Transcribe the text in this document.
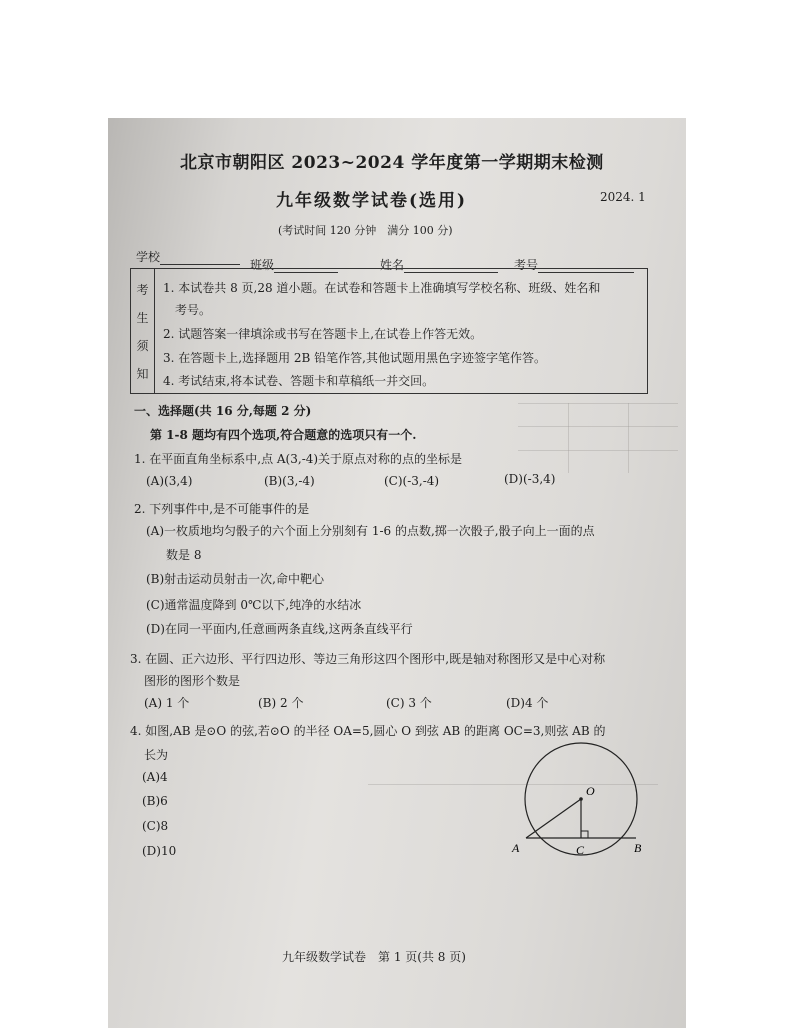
北京市朝阳区 2023~2024 学年度第一学期期末检测
九年级数学试卷(选用)	2024. 1
(考试时间 120 分钟　满分 100 分)
学校
班级	姓名	考号
考
生
须
知
1. 本试卷共 8 页,28 道小题。在试卷和答题卡上准确填写学校名称、班级、姓名和
考号。
2. 试题答案一律填涂或书写在答题卡上,在试卷上作答无效。
3. 在答题卡上,选择题用 2B 铅笔作答,其他试题用黑色字迹签字笔作答。
4. 考试结束,将本试卷、答题卡和草稿纸一并交回。
一、选择题(共 16 分,每题 2 分)
第 1-8 题均有四个选项,符合题意的选项只有一个.
1. 在平面直角坐标系中,点 A(3,-4)关于原点对称的点的坐标是
(A)(3,4)	(B)(3,-4)	(C)(-3,-4)	(D)(-3,4)
2. 下列事件中,是不可能事件的是
(A)一枚质地均匀骰子的六个面上分别刻有 1-6 的点数,掷一次骰子,骰子向上一面的点
数是 8
(B)射击运动员射击一次,命中靶心
(C)通常温度降到 0℃以下,纯净的水结冰
(D)在同一平面内,任意画两条直线,这两条直线平行
3. 在圆、正六边形、平行四边形、等边三角形这四个图形中,既是轴对称图形又是中心对称
图形的图形个数是
(A) 1 个	(B) 2 个	(C) 3 个	(D)4 个
4. 如图,AB 是⊙O 的弦,若⊙O 的半径 OA=5,圆心 O 到弦 AB 的距离 OC=3,则弦 AB 的
长为
(A)4
(B)6
(C)8
(D)10
O
A	B
C
九年级数学试卷　第 1 页(共 8 页)
